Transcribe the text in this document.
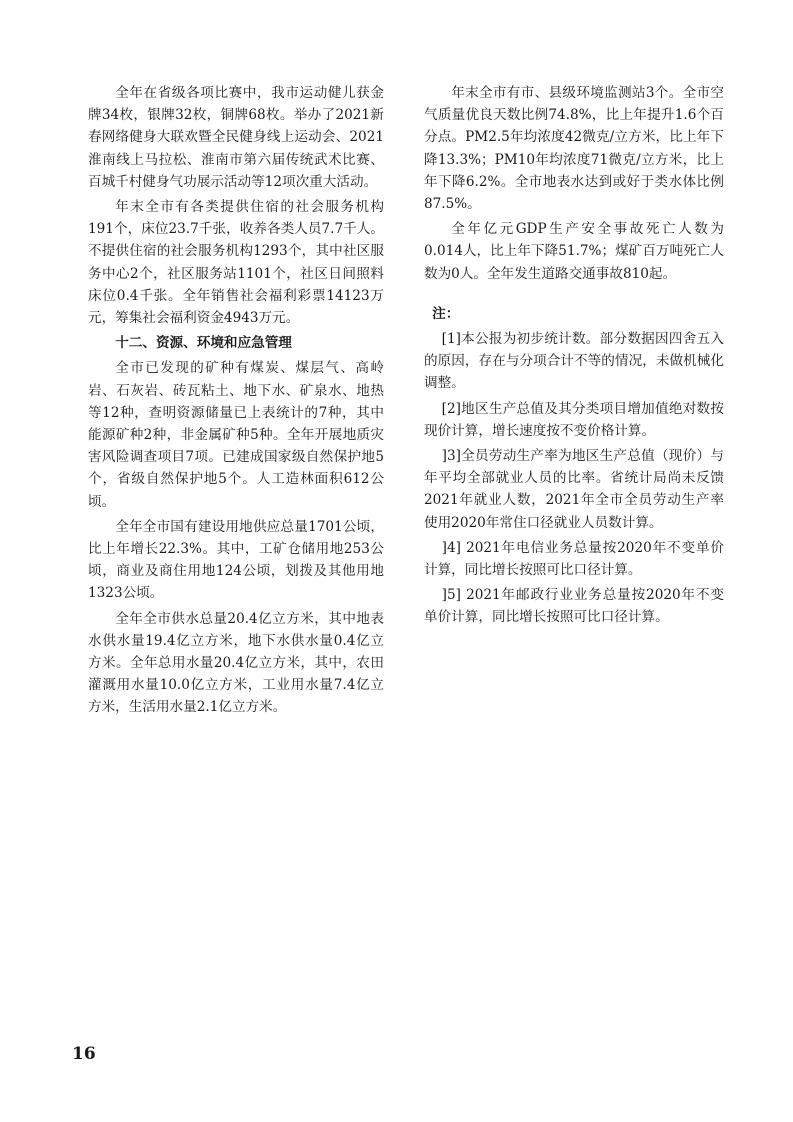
全年在省级各项比赛中，我市运动健儿获金牌34枚，银牌32枚，铜牌68枚。举办了2021新春网络健身大联欢暨全民健身线上运动会、2021淮南线上马拉松、淮南市第六届传统武术比赛、百城千村健身气功展示活动等12项次重大活动。

年末全市有各类提供住宿的社会服务机构191个，床位23.7千张，收养各类人员7.7千人。不提供住宿的社会服务机构1293个，其中社区服务中心2个，社区服务站1101个，社区日间照料床位0.4千张。全年销售社会福利彩票14123万元，筹集社会福利资金4943万元。

十二、资源、环境和应急管理

全市已发现的矿种有煤炭、煤层气、高岭岩、石灰岩、砖瓦粘土、地下水、矿泉水、地热等12种，查明资源储量已上表统计的7种，其中能源矿种2种，非金属矿种5种。全年开展地质灾害风险调查项目7项。已建成国家级自然保护地5个，省级自然保护地5个。人工造林面积612公顷。

全年全市国有建设用地供应总量1701公顷，比上年增长22.3%。其中，工矿仓储用地253公顷，商业及商住用地124公顷，划拨及其他用地1323公顷。

全年全市供水总量20.4亿立方米，其中地表水供水量19.4亿立方米，地下水供水量0.4亿立方米。全年总用水量20.4亿立方米，其中，农田灌溉用水量10.0亿立方米，工业用水量7.4亿立方米，生活用水量2.1亿立方米。

年末全市有市、县级环境监测站3个。全市空气质量优良天数比例74.8%，比上年提升1.6个百分点。PM2.5年均浓度42微克/立方米，比上年下降13.3%；PM10年均浓度71微克/立方米，比上年下降6.2%。全市地表水达到或好于类水体比例87.5%。

全年亿元GDP生产安全事故死亡人数为0.014人，比上年下降51.7%；煤矿百万吨死亡人数为0人。全年发生道路交通事故810起。

注：

[1]本公报为初步统计数。部分数据因四舍五入的原因，存在与分项合计不等的情况，未做机械化调整。

[2]地区生产总值及其分类项目增加值绝对数按现价计算，增长速度按不变价格计算。

]3]全员劳动生产率为地区生产总值（现价）与年平均全部就业人员的比率。省统计局尚未反馈2021年就业人数，2021年全市全员劳动生产率使用2020年常住口径就业人员数计算。

]4] 2021年电信业务总量按2020年不变单价计算，同比增长按照可比口径计算。

]5] 2021年邮政行业业务总量按2020年不变单价计算，同比增长按照可比口径计算。

16
